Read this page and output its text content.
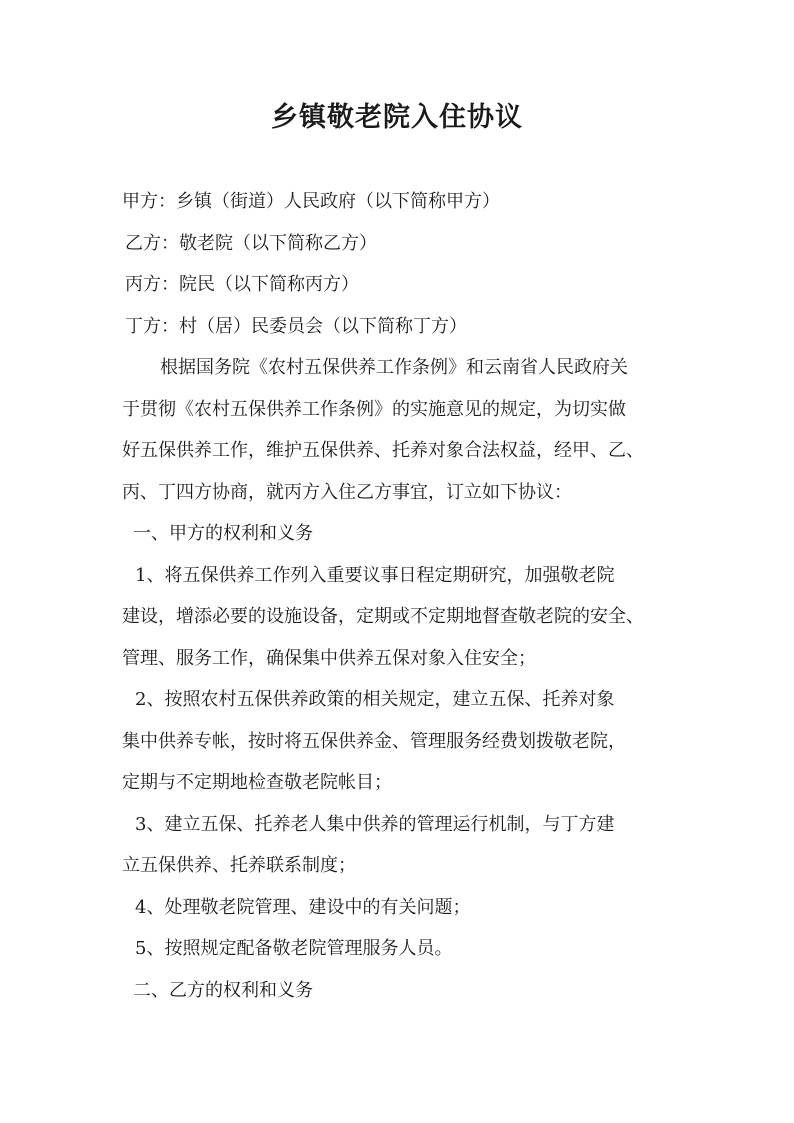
乡镇敬老院入住协议

甲方：乡镇（街道）人民政府（以下简称甲方）

乙方：敬老院（以下简称乙方）

丙方：院民（以下简称丙方）

丁方：村（居）民委员会（以下简称丁方）

根据国务院《农村五保供养工作条例》和云南省人民政府关

于贯彻《农村五保供养工作条例》的实施意见的规定，为切实做

好五保供养工作，维护五保供养、托养对象合法权益，经甲、乙、

丙、丁四方协商，就丙方入住乙方事宜，订立如下协议：

一、甲方的权利和义务

1、将五保供养工作列入重要议事日程定期研究，加强敬老院

建设，增添必要的设施设备，定期或不定期地督查敬老院的安全、

管理、服务工作，确保集中供养五保对象入住安全；

2、按照农村五保供养政策的相关规定，建立五保、托养对象

集中供养专帐，按时将五保供养金、管理服务经费划拨敬老院，

定期与不定期地检查敬老院帐目；

3、建立五保、托养老人集中供养的管理运行机制，与丁方建

立五保供养、托养联系制度；

4、处理敬老院管理、建设中的有关问题；

5、按照规定配备敬老院管理服务人员。

二、乙方的权利和义务
